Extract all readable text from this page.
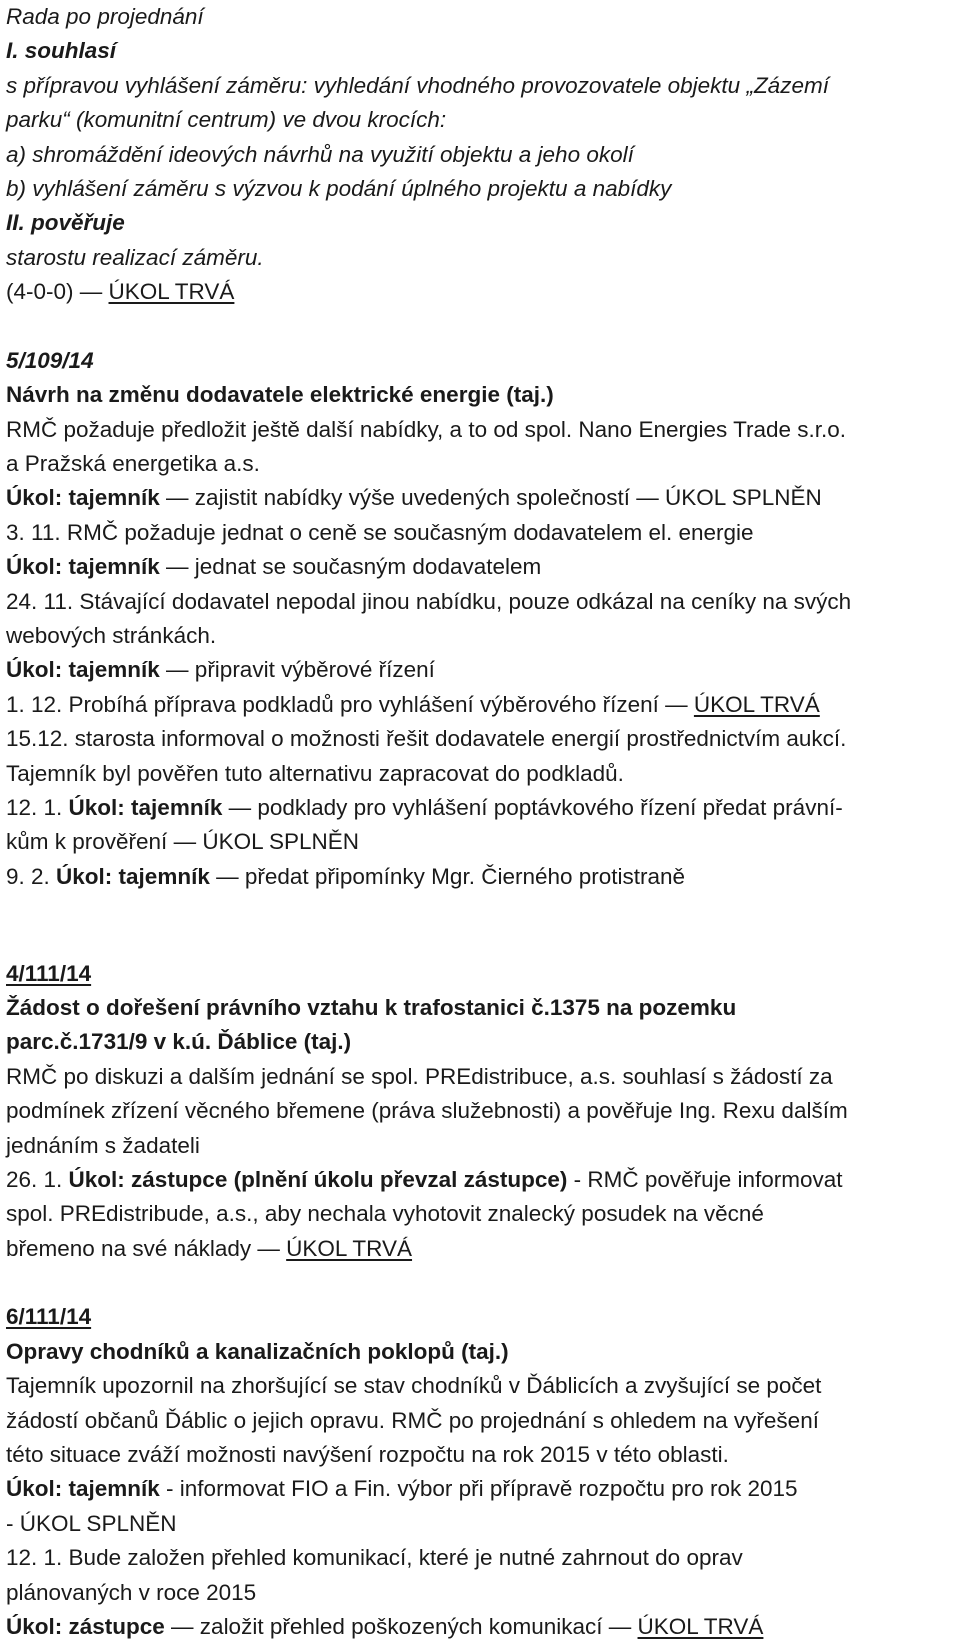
Rada po projednání
I. souhlasí
s přípravou vyhlášení záměru: vyhledání vhodného provozovatele objektu „Zázemí
parku“ (komunitní centrum) ve dvou krocích:
a) shromáždění ideových návrhů na využití objektu a jeho okolí
b) vyhlášení záměru s výzvou k podání úplného projektu a nabídky
II. pověřuje
starostu realizací záměru.
(4-0-0) — ÚKOL TRVÁ
5/109/14
Návrh na změnu dodavatele elektrické energie (taj.)
RMČ požaduje předložit ještě další nabídky, a to od spol. Nano Energies Trade s.r.o.
a Pražská energetika a.s.
Úkol: tajemník — zajistit nabídky výše uvedených společností — ÚKOL SPLNĚN
3. 11. RMČ požaduje jednat o ceně se současným dodavatelem el. energie
Úkol: tajemník — jednat se současným dodavatelem
24. 11. Stávající dodavatel nepodal jinou nabídku, pouze odkázal na ceníky na svých
webových stránkách.
Úkol: tajemník — připravit výběrové řízení
1. 12. Probíhá příprava podkladů pro vyhlášení výběrového řízení — ÚKOL TRVÁ
15.12. starosta informoval o možnosti řešit dodavatele energií prostřednictvím aukcí.
Tajemník byl pověřen tuto alternativu zapracovat do podkladů.
12. 1. Úkol: tajemník — podklady pro vyhlášení poptávkového řízení předat právní-
kům k prověření — ÚKOL SPLNĚN
9. 2. Úkol: tajemník — předat připomínky Mgr. Čierného protistraně
4/111/14
Žádost o dořešení právního vztahu k trafostanici č.1375 na pozemku
parc.č.1731/9 v k.ú. Ďáblice (taj.)
RMČ po diskuzi a dalším jednání se spol. PREdistribuce, a.s. souhlasí s žádostí za
podmínek zřízení věcného břemene (práva služebnosti) a pověřuje Ing. Rexu dalším
jednáním s žadateli
26. 1. Úkol: zástupce (plnění úkolu převzal zástupce) - RMČ pověřuje informovat
spol. PREdistribude, a.s., aby nechala vyhotovit znalecký posudek na věcné
břemeno na své náklady — ÚKOL TRVÁ
6/111/14
Opravy chodníků a kanalizačních poklopů (taj.)
Tajemník upozornil na zhoršující se stav chodníků v Ďáblicích a zvyšující se počet
žádostí občanů Ďáblic o jejich opravu. RMČ po projednání s ohledem na vyřešení
této situace zváží možnosti navýšení rozpočtu na rok 2015 v této oblasti.
Úkol: tajemník - informovat FIO a Fin. výbor při přípravě rozpočtu pro rok 2015
- ÚKOL SPLNĚN
12. 1. Bude založen přehled komunikací, které je nutné zahrnout do oprav
plánovaných v roce 2015
Úkol: zástupce — založit přehled poškozených komunikací — ÚKOL TRVÁ
